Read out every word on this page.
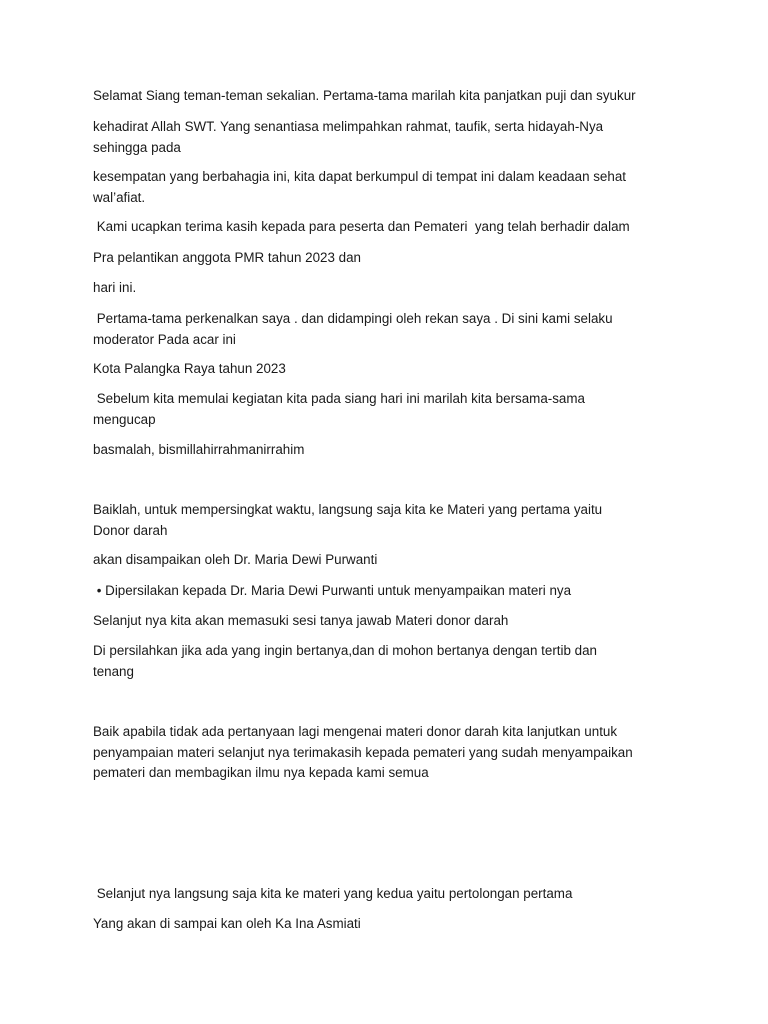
Selamat Siang teman-teman sekalian. Pertama-tama marilah kita panjatkan puji dan syukur

kehadirat Allah SWT. Yang senantiasa melimpahkan rahmat, taufik, serta hidayah-Nya
sehingga pada

kesempatan yang berbahagia ini, kita dapat berkumpul di tempat ini dalam keadaan sehat
wal’afiat.

Kami ucapkan terima kasih kepada para peserta dan Pemateri  yang telah berhadir dalam

Pra pelantikan anggota PMR tahun 2023 dan

hari ini.

Pertama-tama perkenalkan saya . dan didampingi oleh rekan saya . Di sini kami selaku
moderator Pada acar ini

Kota Palangka Raya tahun 2023

Sebelum kita memulai kegiatan kita pada siang hari ini marilah kita bersama-sama
mengucap

basmalah, bismillahirrahmanirrahim

Baiklah, untuk mempersingkat waktu, langsung saja kita ke Materi yang pertama yaitu
Donor darah

akan disampaikan oleh Dr. Maria Dewi Purwanti

• Dipersilakan kepada Dr. Maria Dewi Purwanti untuk menyampaikan materi nya

Selanjut nya kita akan memasuki sesi tanya jawab Materi donor darah

Di persilahkan jika ada yang ingin bertanya,dan di mohon bertanya dengan tertib dan
tenang

Baik apabila tidak ada pertanyaan lagi mengenai materi donor darah kita lanjutkan untuk
penyampaian materi selanjut nya terimakasih kepada pemateri yang sudah menyampaikan
pemateri dan membagikan ilmu nya kepada kami semua

Selanjut nya langsung saja kita ke materi yang kedua yaitu pertolongan pertama

Yang akan di sampai kan oleh Ka Ina Asmiati
